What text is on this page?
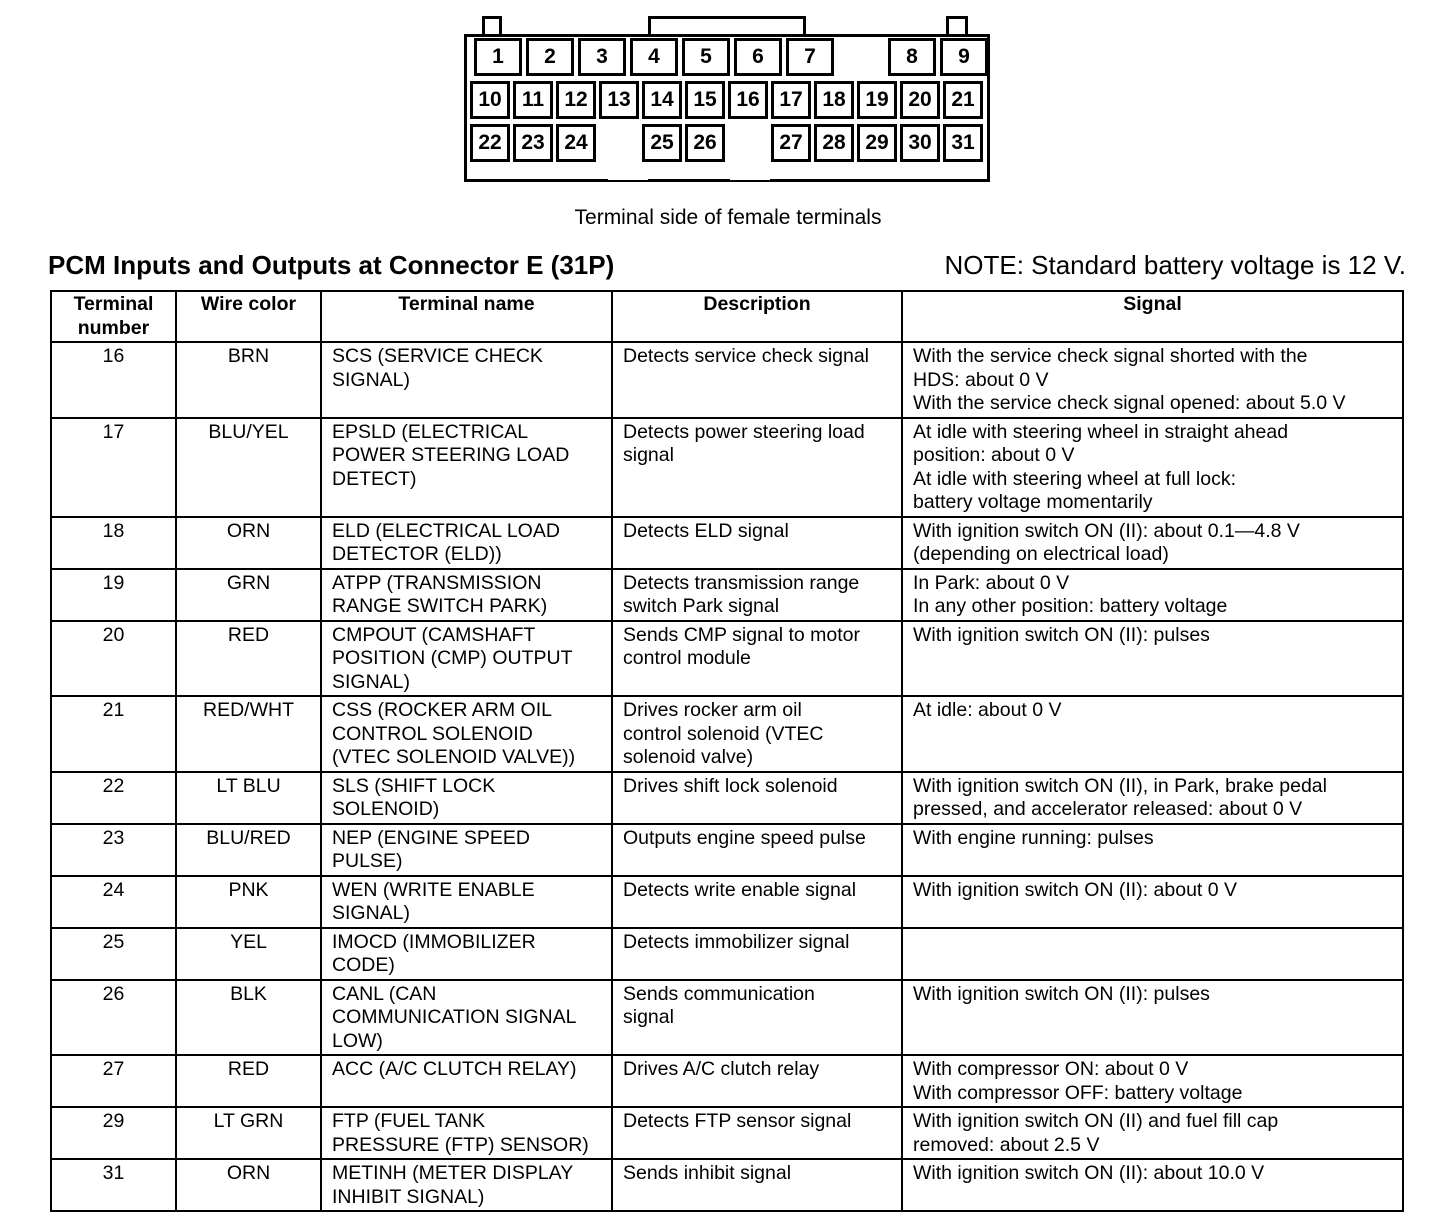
1	2	3	4	5	6	7	8	9
10 11 12 13 14 15 16 17 18 19 20 21
22 23 24	25 26	27 28 29 30 31
Terminal side of female terminals
PCM Inputs and Outputs at Connector E (31P)	NOTE: Standard battery voltage is 12 V.
Terminal
number	Wire color	Terminal name	Description	Signal
16	BRN	SCS (SERVICE CHECK
SIGNAL)	Detects service check signal	With the service check signal shorted with the
HDS: about 0 V
With the service check signal opened: about 5.0 V
17	BLU/YEL	EPSLD (ELECTRICAL
POWER STEERING LOAD
DETECT)	Detects power steering load
signal	At idle with steering wheel in straight ahead
position: about 0 V
At idle with steering wheel at full lock:
battery voltage momentarily
18	ORN	ELD (ELECTRICAL LOAD
DETECTOR (ELD))	Detects ELD signal	With ignition switch ON (II): about 0.1—4.8 V
(depending on electrical load)
19	GRN	ATPP (TRANSMISSION
RANGE SWITCH PARK)	Detects transmission range
switch Park signal	In Park: about 0 V
In any other position: battery voltage
20	RED	CMPOUT (CAMSHAFT
POSITION (CMP) OUTPUT
SIGNAL)	Sends CMP signal to motor
control module	With ignition switch ON (II): pulses
21	RED/WHT	CSS (ROCKER ARM OIL
CONTROL SOLENOID
(VTEC SOLENOID VALVE))	Drives rocker arm oil
control solenoid (VTEC
solenoid valve)	At idle: about 0 V
22	LT BLU	SLS (SHIFT LOCK
SOLENOID)	Drives shift lock solenoid	With ignition switch ON (II), in Park, brake pedal
pressed, and accelerator released: about 0 V
23	BLU/RED	NEP (ENGINE SPEED
PULSE)	Outputs engine speed pulse	With engine running: pulses
24	PNK	WEN (WRITE ENABLE
SIGNAL)	Detects write enable signal	With ignition switch ON (II): about 0 V
25	YEL	IMOCD (IMMOBILIZER
CODE)	Detects immobilizer signal	
26	BLK	CANL (CAN
COMMUNICATION SIGNAL
LOW)	Sends communication
signal	With ignition switch ON (II): pulses
27	RED	ACC (A/C CLUTCH RELAY)	Drives A/C clutch relay	With compressor ON: about 0 V
With compressor OFF: battery voltage
29	LT GRN	FTP (FUEL TANK
PRESSURE (FTP) SENSOR)	Detects FTP sensor signal	With ignition switch ON (II) and fuel fill cap
removed: about 2.5 V
31	ORN	METINH (METER DISPLAY
INHIBIT SIGNAL)	Sends inhibit signal	With ignition switch ON (II): about 10.0 V
